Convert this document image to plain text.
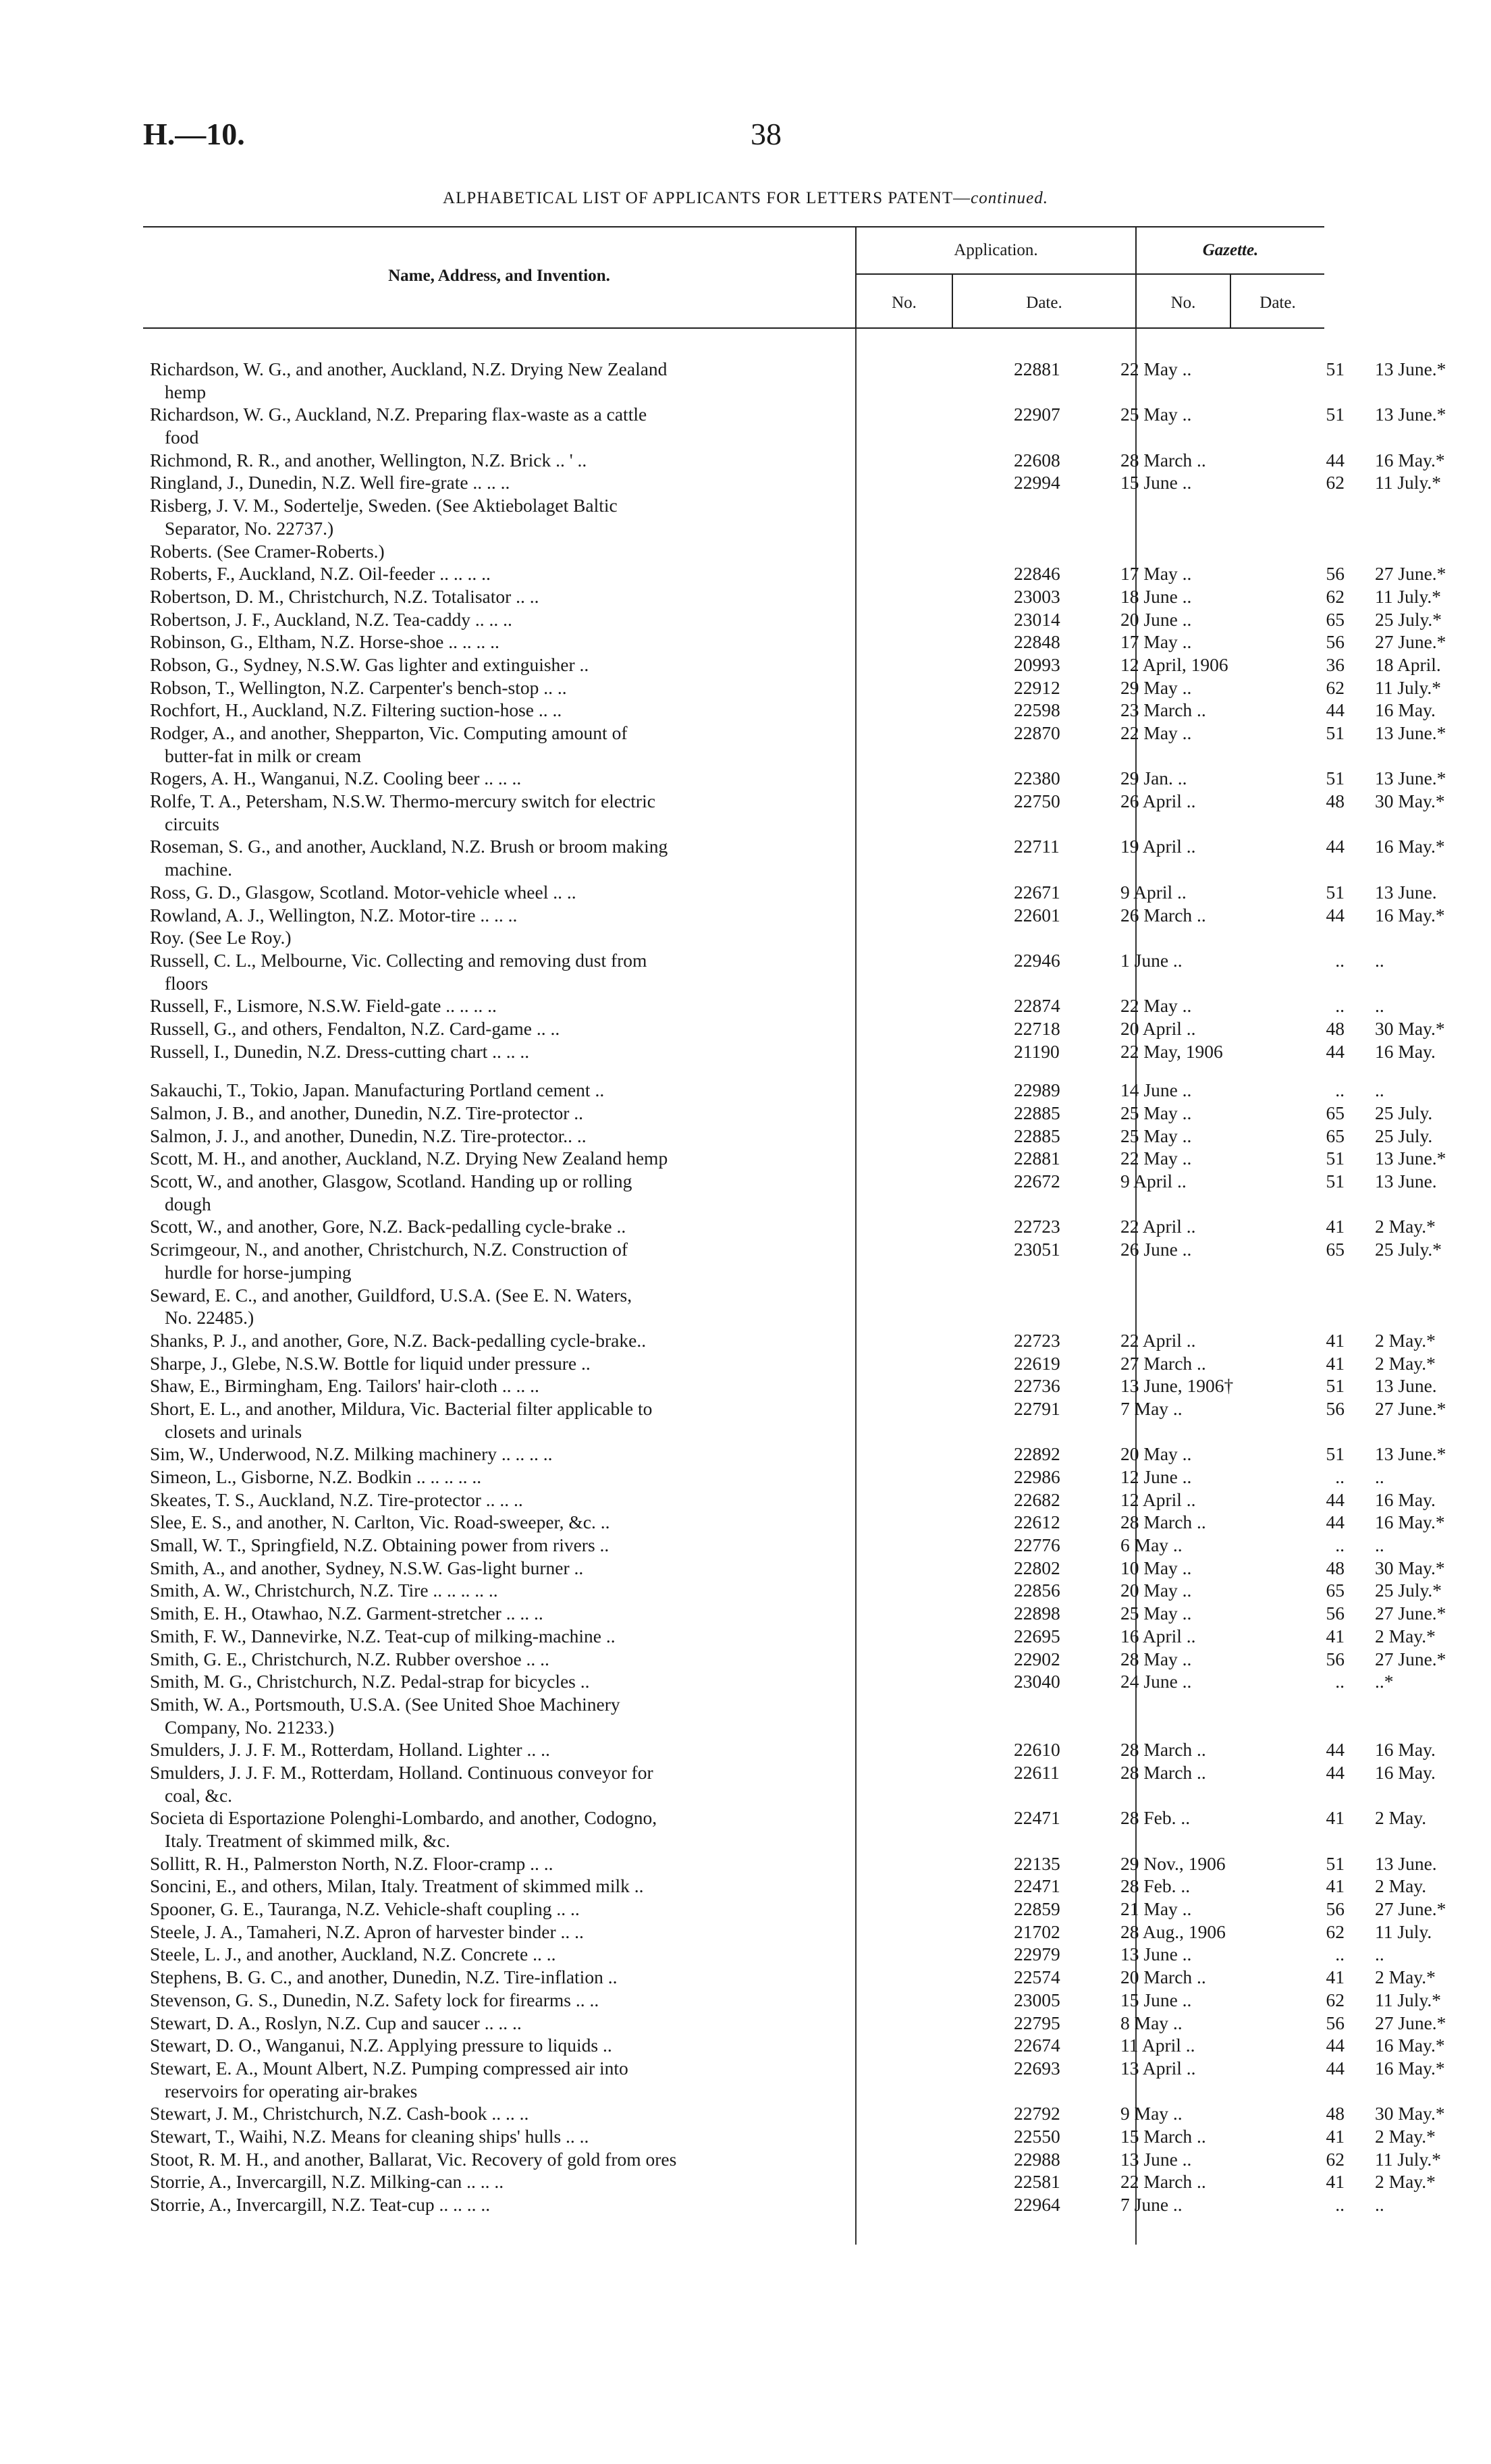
H.—10.	38
ALPHABETICAL LIST OF APPLICANTS FOR LETTERS PATENT—continued.
Name, Address, and Invention.
Application.	Gazette.
No.	Date.	No.	Date.
Richardson, W. G., and another, Auckland, N.Z. Drying New Zealand	22881	22 May ..	51 13 June.*
hemp
Richardson, W. G., Auckland, N.Z. Preparing flax-waste as a cattle	22907	25 May ..	51 13 June.*
food
Richmond, R. R., and another, Wellington, N.Z. Brick .. ' ..	22608	28 March ..	44 16 May.*
Ringland, J., Dunedin, N.Z. Well fire-grate .. .. ..	22994	15 June ..	62 11 July.*
Risberg, J. V. M., Sodertelje, Sweden. (See Aktiebolaget Baltic
Separator, No. 22737.)
Roberts. (See Cramer-Roberts.)
Roberts, F., Auckland, N.Z. Oil-feeder .. .. .. ..	22846	17 May ..	56 27 June.*
Robertson, D. M., Christchurch, N.Z. Totalisator .. ..	23003	18 June ..	62 11 July.*
Robertson, J. F., Auckland, N.Z. Tea-caddy .. .. ..	23014	20 June ..	65 25 July.*
Robinson, G., Eltham, N.Z. Horse-shoe .. .. .. ..	22848	17 May ..	56 27 June.*
Robson, G., Sydney, N.S.W. Gas lighter and extinguisher ..	20993	12 April, 1906	36 18 April.
Robson, T., Wellington, N.Z. Carpenter's bench-stop .. ..	22912	29 May ..	62 11 July.*
Rochfort, H., Auckland, N.Z. Filtering suction-hose .. ..	22598	23 March ..	44 16 May.
Rodger, A., and another, Shepparton, Vic. Computing amount of	22870	22 May ..	51 13 June.*
butter-fat in milk or cream
Rogers, A. H., Wanganui, N.Z. Cooling beer .. .. ..	22380	29 Jan. ..	51 13 June.*
Rolfe, T. A., Petersham, N.S.W. Thermo-mercury switch for electric	22750	26 April ..	48 30 May.*
circuits
Roseman, S. G., and another, Auckland, N.Z. Brush or broom making	22711	19 April ..	44 16 May.*
machine.
Ross, G. D., Glasgow, Scotland. Motor-vehicle wheel .. ..	22671	9 April ..	51 13 June.
Rowland, A. J., Wellington, N.Z. Motor-tire .. .. ..	22601	26 March ..	44 16 May.*
Roy. (See Le Roy.)
Russell, C. L., Melbourne, Vic. Collecting and removing dust from	22946	1 June ..	.. ..
floors
Russell, F., Lismore, N.S.W. Field-gate .. .. .. ..	22874	22 May ..	.. ..
Russell, G., and others, Fendalton, N.Z. Card-game .. ..	22718	20 April ..	48 30 May.*
Russell, I., Dunedin, N.Z. Dress-cutting chart .. .. ..	21190	22 May, 1906	44 16 May.
Sakauchi, T., Tokio, Japan. Manufacturing Portland cement ..	22989	14 June ..	.. ..
Salmon, J. B., and another, Dunedin, N.Z. Tire-protector ..	22885	25 May ..	65 25 July.
Salmon, J. J., and another, Dunedin, N.Z. Tire-protector.. ..	22885	25 May ..	65 25 July.
Scott, M. H., and another, Auckland, N.Z. Drying New Zealand hemp	22881	22 May ..	51 13 June.*
Scott, W., and another, Glasgow, Scotland. Handing up or rolling	22672	9 April ..	51 13 June.
dough
Scott, W., and another, Gore, N.Z. Back-pedalling cycle-brake ..	22723	22 April ..	41 2 May.*
Scrimgeour, N., and another, Christchurch, N.Z. Construction of	23051	26 June ..	65 25 July.*
hurdle for horse-jumping
Seward, E. C., and another, Guildford, U.S.A. (See E. N. Waters,
No. 22485.)
Shanks, P. J., and another, Gore, N.Z. Back-pedalling cycle-brake..	22723	22 April ..	41 2 May.*
Sharpe, J., Glebe, N.S.W. Bottle for liquid under pressure ..	22619	27 March ..	41 2 May.*
Shaw, E., Birmingham, Eng. Tailors' hair-cloth .. .. ..	22736	13 June, 1906†	51 13 June.
Short, E. L., and another, Mildura, Vic. Bacterial filter applicable to	22791	7 May ..	56 27 June.*
closets and urinals
Sim, W., Underwood, N.Z. Milking machinery .. .. .. ..	22892	20 May ..	51 13 June.*
Simeon, L., Gisborne, N.Z. Bodkin .. .. .. .. ..	22986	12 June ..	.. ..
Skeates, T. S., Auckland, N.Z. Tire-protector .. .. ..	22682	12 April ..	44 16 May.
Slee, E. S., and another, N. Carlton, Vic. Road-sweeper, &c. ..	22612	28 March ..	44 16 May.*
Small, W. T., Springfield, N.Z. Obtaining power from rivers ..	22776	6 May ..	.. ..
Smith, A., and another, Sydney, N.S.W. Gas-light burner ..	22802	10 May ..	48 30 May.*
Smith, A. W., Christchurch, N.Z. Tire .. .. .. .. ..	22856	20 May ..	65 25 July.*
Smith, E. H., Otawhao, N.Z. Garment-stretcher .. .. ..	22898	25 May ..	56 27 June.*
Smith, F. W., Dannevirke, N.Z. Teat-cup of milking-machine ..	22695	16 April ..	41 2 May.*
Smith, G. E., Christchurch, N.Z. Rubber overshoe .. ..	22902	28 May ..	56 27 June.*
Smith, M. G., Christchurch, N.Z. Pedal-strap for bicycles ..	23040	24 June ..	.. ..*
Smith, W. A., Portsmouth, U.S.A. (See United Shoe Machinery
Company, No. 21233.)
Smulders, J. J. F. M., Rotterdam, Holland. Lighter .. ..	22610	28 March ..	44 16 May.
Smulders, J. J. F. M., Rotterdam, Holland. Continuous conveyor for	22611	28 March ..	44 16 May.
coal, &c.
Societa di Esportazione Polenghi-Lombardo, and another, Codogno,	22471	28 Feb. ..	41 2 May.
Italy. Treatment of skimmed milk, &c.
Sollitt, R. H., Palmerston North, N.Z. Floor-cramp .. ..	22135	29 Nov., 1906	51 13 June.
Soncini, E., and others, Milan, Italy. Treatment of skimmed milk ..	22471	28 Feb. ..	41 2 May.
Spooner, G. E., Tauranga, N.Z. Vehicle-shaft coupling .. ..	22859	21 May ..	56 27 June.*
Steele, J. A., Tamaheri, N.Z. Apron of harvester binder .. ..	21702	28 Aug., 1906	62 11 July.
Steele, L. J., and another, Auckland, N.Z. Concrete .. ..	22979	13 June ..	.. ..
Stephens, B. G. C., and another, Dunedin, N.Z. Tire-inflation ..	22574	20 March ..	41 2 May.*
Stevenson, G. S., Dunedin, N.Z. Safety lock for firearms .. ..	23005	15 June ..	62 11 July.*
Stewart, D. A., Roslyn, N.Z. Cup and saucer .. .. ..	22795	8 May ..	56 27 June.*
Stewart, D. O., Wanganui, N.Z. Applying pressure to liquids ..	22674	11 April ..	44 16 May.*
Stewart, E. A., Mount Albert, N.Z. Pumping compressed air into	22693	13 April ..	44 16 May.*
reservoirs for operating air-brakes
Stewart, J. M., Christchurch, N.Z. Cash-book .. .. ..	22792	9 May ..	48 30 May.*
Stewart, T., Waihi, N.Z. Means for cleaning ships' hulls .. ..	22550	15 March ..	41 2 May.*
Stoot, R. M. H., and another, Ballarat, Vic. Recovery of gold from ores	22988	13 June ..	62 11 July.*
Storrie, A., Invercargill, N.Z. Milking-can .. .. ..	22581	22 March ..	41 2 May.*
Storrie, A., Invercargill, N.Z. Teat-cup .. .. .. ..	22964	7 June ..	.. ..
